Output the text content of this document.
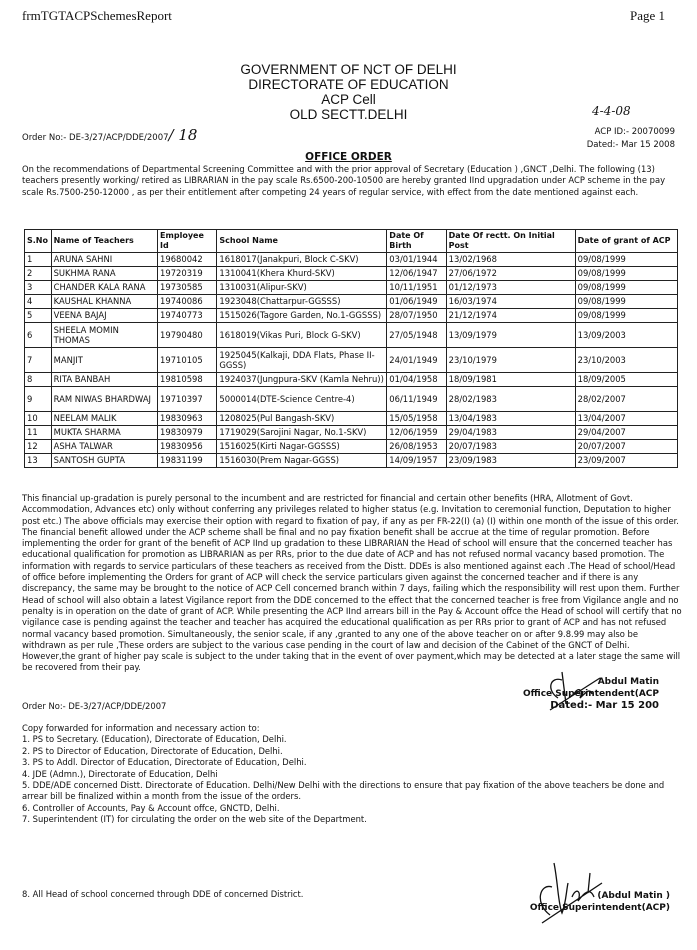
frmTGTACPSchemesReport	Page 1
GOVERNMENT OF NCT OF DELHI
DIRECTORATE OF EDUCATION
ACP Cell
OLD SECTT.DELHI
Order No:- DE-3/27/ACP/DDE/2007/ 18
4-4-08
ACP ID:- 20070099
Dated:- Mar 15 2008
OFFICE ORDER
On the recommendations of Departmental Screening Committee and with the prior approval of Secretary (Education ) ,GNCT ,Delhi. The following (13) teachers presently working/ retired as LIBRARIAN in the pay scale Rs.6500-200-10500 are hereby granted IInd upgradation under ACP scheme in the pay scale Rs.7500-250-12000 , as per their entitlement after competing 24 years of regular service, with effect from the date mentioned against each.
S.No	Name of Teachers	Employee Id	School Name	Date Of Birth	Date Of rectt. On Initial Post	Date of grant of ACP
1	ARUNA SAHNI	19680042	1618017(Janakpuri, Block C-SKV)	03/01/1944	13/02/1968	09/08/1999
2	SUKHMA RANA	19720319	1310041(Khera Khurd-SKV)	12/06/1947	27/06/1972	09/08/1999
3	CHANDER KALA RANA	19730585	1310031(Alipur-SKV)	10/11/1951	01/12/1973	09/08/1999
4	KAUSHAL KHANNA	19740086	1923048(Chattarpur-GGSSS)	01/06/1949	16/03/1974	09/08/1999
5	VEENA BAJAJ	19740773	1515026(Tagore Garden, No.1-GGSSS)	28/07/1950	21/12/1974	09/08/1999
6	SHEELA MOMIN THOMAS	19790480	1618019(Vikas Puri, Block G-SKV)	27/05/1948	13/09/1979	13/09/2003
7	MANJIT	19710105	1925045(Kalkaji, DDA Flats, Phase II-GGSS)	24/01/1949	23/10/1979	23/10/2003
8	RITA BANBAH	19810598	1924037(Jungpura-SKV (Kamla Nehru))	01/04/1958	18/09/1981	18/09/2005
9	RAM NIWAS BHARDWAJ	19710397	5000014(DTE-Science Centre-4)	06/11/1949	28/02/1983	28/02/2007
10	NEELAM MALIK	19830963	1208025(Pul Bangash-SKV)	15/05/1958	13/04/1983	13/04/2007
11	MUKTA SHARMA	19830979	1719029(Sarojini Nagar, No.1-SKV)	12/06/1959	29/04/1983	29/04/2007
12	ASHA TALWAR	19830956	1516025(Kirti Nagar-GGSSS)	26/08/1953	20/07/1983	20/07/2007
13	SANTOSH GUPTA	19831199	1516030(Prem Nagar-GGSS)	14/09/1957	23/09/1983	23/09/2007
This financial up-gradation is purely personal to the incumbent and are restricted for financial and certain other benefits (HRA, Allotment of Govt. Accommodation, Advances etc) only without conferring any privileges related to higher status (e.g. Invitation to ceremonial function, Deputation to higher post etc.) The above officials may exercise their option with regard to fixation of pay, if any as per FR-22(I) (a) (I) within one month of the issue of this order. The financial benefit allowed under the ACP scheme shall be final and no pay fixation benefit shall be accrue at the time of regular promotion. Before implementing the order for grant of the benefit of ACP IInd up gradation to these LIBRARIAN the Head of school will ensure that the concerned teacher has educational qualification for promotion as LIBRARIAN as per RRs, prior to the due date of ACP and has not refused normal vacancy based promotion. The information with regards to service particulars of these teachers as received from the Distt. DDEs is also mentioned against each .The Head of school/Head of office before implementing the Orders for grant of ACP will check the service particulars given against the concerned teacher and if there is any discrepancy, the same may be brought to the notice of ACP Cell concerned branch within 7 days, failing which the responsibility will rest upon them. Further Head of school will also obtain a latest Vigilance report from the DDE concerned to the effect that the concerned teacher is free from Vigilance angle and no penalty is in operation on the date of grant of ACP. While presenting the ACP IInd arrears bill in the Pay & Account offce the Head of school will certify that no vigilance case is pending against the teacher and teacher has acquired the educational qualification as per RRs prior to grant of ACP and has not refused normal vacancy based promotion. Simultaneously, the senior scale, if any ,granted to any one of the above teacher on or after 9.8.99 may also be withdrawn as per rule ,These orders are subject to the various case pending in the court of law and decision of the Cabinet of the GNCT of Delhi. However,the grant of higher pay scale is subject to the under taking that in the event of over payment,which may be detected at a later stage the same will be recovered from their pay.
Abdul Matin
Office Superintendent(ACP
Dated:- Mar 15 200
Order No:- DE-3/27/ACP/DDE/2007
Copy forwarded for information and necessary action to:
1. PS to Secretary. (Education), Directorate of Education, Delhi.
2. PS to Director of Education, Directorate of Education, Delhi.
3. PS to Addl. Director of Education, Directorate of Education, Delhi.
4. JDE (Admn.), Directorate of Education, Delhi
5. DDE/ADE concerned Distt. Directorate of Education. Delhi/New Delhi with the directions to ensure that pay fixation of the above teachers be done and arrear bill be finalized within a month from the issue of the orders.
6. Controller of Accounts, Pay & Account offce, GNCTD, Delhi.
7. Superintendent (IT) for circulating the order on the web site of the Department.
8. All Head of school concerned through DDE of concerned District.	(Abdul Matin )
Office Superintendent(ACP)
